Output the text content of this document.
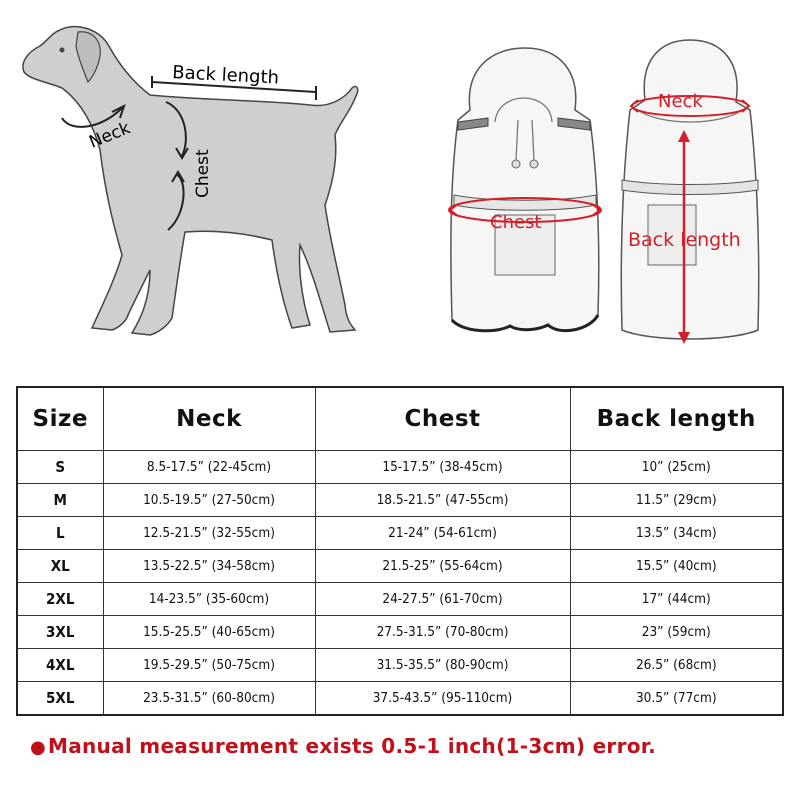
Back length
Neck
Chest
Chest
Neck
Back length
Size	Neck	Chest	Back length
S	8.5-17.5” (22-45cm)	15-17.5” (38-45cm)	10” (25cm)
M	10.5-19.5” (27-50cm)	18.5-21.5” (47-55cm)	11.5” (29cm)
L	12.5-21.5” (32-55cm)	21-24” (54-61cm)	13.5” (34cm)
XL	13.5-22.5” (34-58cm)	21.5-25” (55-64cm)	15.5” (40cm)
2XL	14-23.5” (35-60cm)	24-27.5” (61-70cm)	17” (44cm)
3XL	15.5-25.5” (40-65cm)	27.5-31.5” (70-80cm)	23” (59cm)
4XL	19.5-29.5” (50-75cm)	31.5-35.5” (80-90cm)	26.5” (68cm)
5XL	23.5-31.5” (60-80cm)	37.5-43.5” (95-110cm)	30.5” (77cm)
● Manual measurement exists 0.5-1 inch(1-3cm) error.
